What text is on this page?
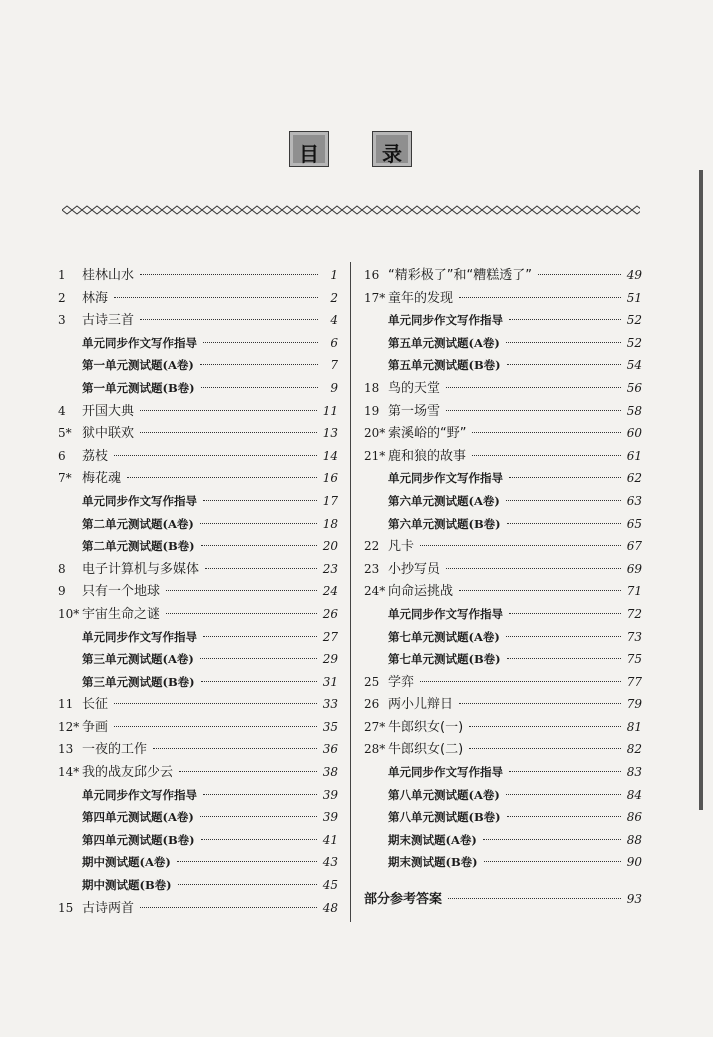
目	录
1	桂林山水	1
2	林海	2
3	古诗三首	4
单元同步作文写作指导	6
第一单元测试题(A卷)	7
第一单元测试题(B卷)	9
4	开国大典	11
5* 狱中联欢	13
6	荔枝	14
7* 梅花魂	16
单元同步作文写作指导	17
第二单元测试题(A卷)	18
第二单元测试题(B卷)	20
8	电子计算机与多媒体	23
9	只有一个地球	24
10* 宇宙生命之谜	26
单元同步作文写作指导	27
第三单元测试题(A卷)	29
第三单元测试题(B卷)	31
11 长征	33
12* 争画	35
13 一夜的工作	36
14* 我的战友邱少云	38
单元同步作文写作指导	39
第四单元测试题(A卷)	39
第四单元测试题(B卷)	41
期中测试题(A卷)	43
期中测试题(B卷)	45
15 古诗两首	48
16 “精彩极了”和“糟糕透了”	49
17* 童年的发现	51
单元同步作文写作指导	52
第五单元测试题(A卷)	52
第五单元测试题(B卷)	54
18 鸟的天堂	56
19 第一场雪	58
20* 索溪峪的“野”	60
21* 鹿和狼的故事	61
单元同步作文写作指导	62
第六单元测试题(A卷)	63
第六单元测试题(B卷)	65
22 凡卡	67
23 小抄写员	69
24* 向命运挑战	71
单元同步作文写作指导	72
第七单元测试题(A卷)	73
第七单元测试题(B卷)	75
25 学弈	77
26 两小儿辩日	79
27* 牛郎织女(一)	81
28* 牛郎织女(二)	82
单元同步作文写作指导	83
第八单元测试题(A卷)	84
第八单元测试题(B卷)	86
期末测试题(A卷)	88
期末测试题(B卷)	90
部分参考答案	93
